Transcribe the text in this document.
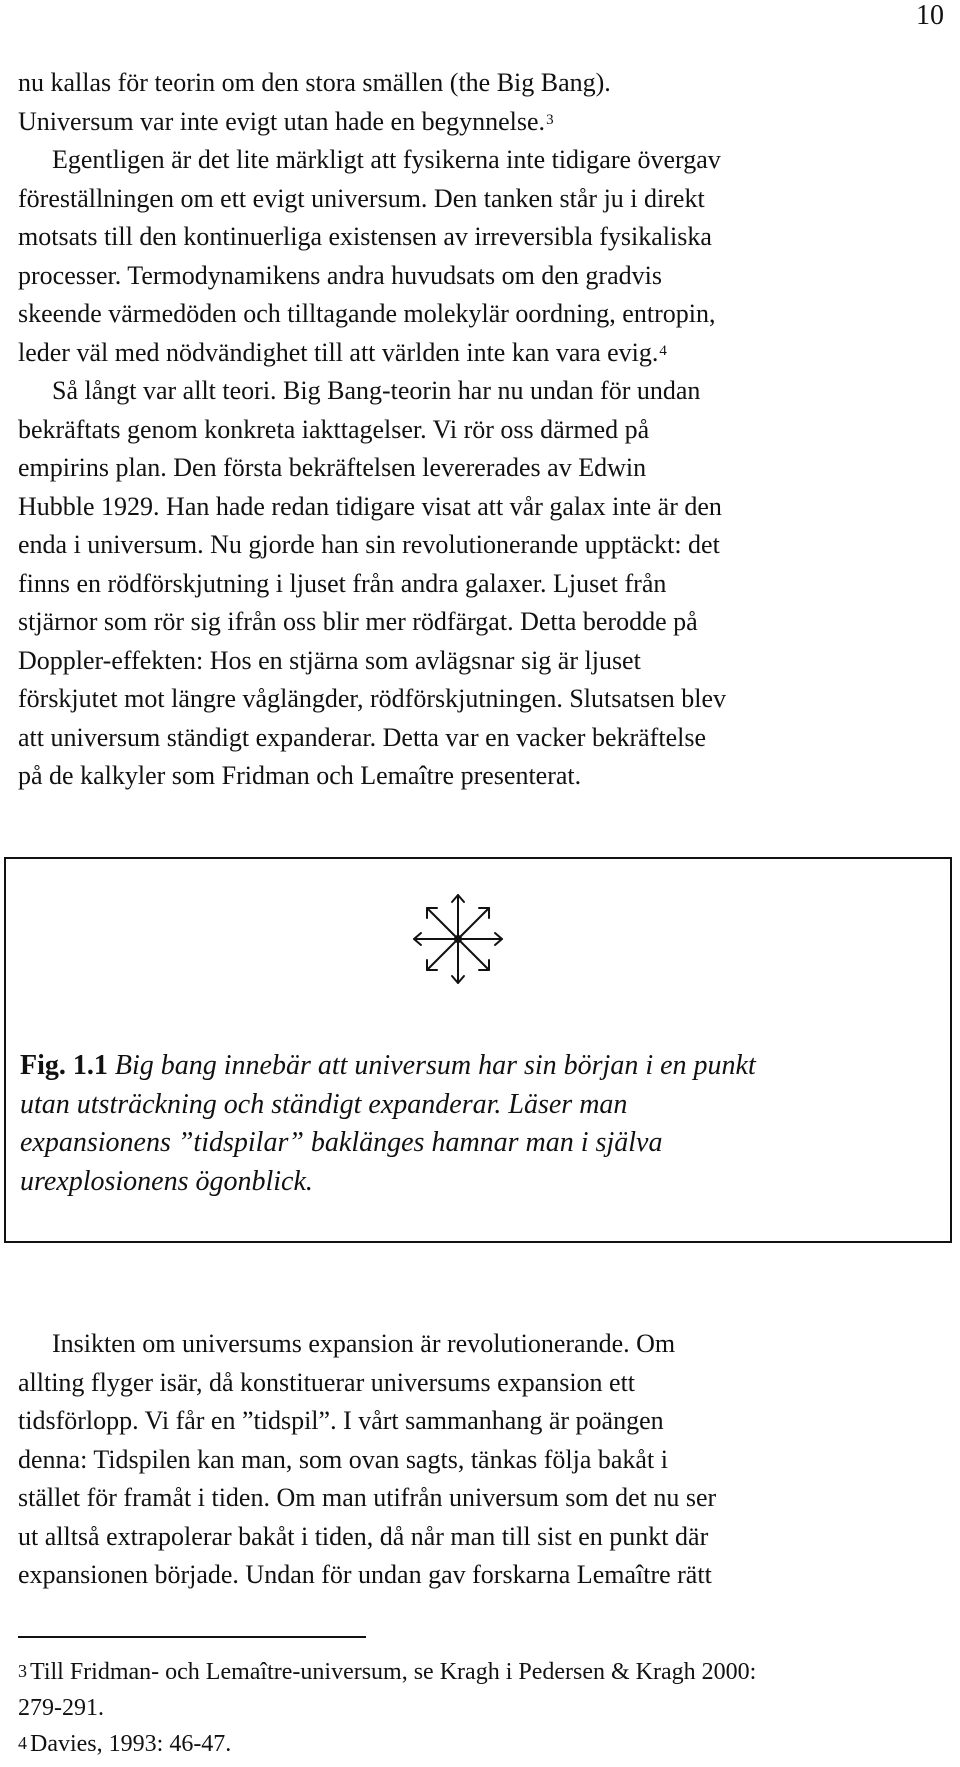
10
nu kallas för teorin om den stora smällen (the Big Bang).
Universum var inte evigt utan hade en begynnelse.$^3$
Egentligen är det lite märkligt att fysikerna inte tidigare övergav
föreställningen om ett evigt universum. Den tanken står ju i direkt
motsats till den kontinuerliga existensen av irreversibla fysikaliska
processer. Termodynamikens andra huvudsats om den gradvis
skeende värmedöden och tilltagande molekylär oordning, entropin,
leder väl med nödvändighet till att världen inte kan vara evig.$^4$
Så långt var allt teori. Big Bang-teorin har nu undan för undan
bekräftats genom konkreta iakttagelser. Vi rör oss därmed på
empirins plan. Den första bekräftelsen levererades av Edwin
Hubble 1929. Han hade redan tidigare visat att vår galax inte är den
enda i universum. Nu gjorde han sin revolutionerande upptäckt: det
finns en rödförskjutning i ljuset från andra galaxer. Ljuset från
stjärnor som rör sig ifrån oss blir mer rödfärgat. Detta berodde på
Doppler-effekten: Hos en stjärna som avlägsnar sig är ljuset
förskjutet mot längre våglängder, rödförskjutningen. Slutsatsen blev
att universum ständigt expanderar. Detta var en vacker bekräftelse
på de kalkyler som Fridman och Lemaître presenterat.
Fig. 1.1 Big bang innebär att universum har sin början i en punkt
utan utsträckning och ständigt expanderar. Läser man
expansionens ”tidspilar” baklänges hamnar man i själva
urexplosionens ögonblick.
Insikten om universums expansion är revolutionerande. Om
allting flyger isär, då konstituerar universums expansion ett
tidsförlopp. Vi får en ”tidspil”. I vårt sammanhang är poängen
denna: Tidspilen kan man, som ovan sagts, tänkas följa bakåt i
stället för framåt i tiden. Om man utifrån universum som det nu ser
ut alltså extrapolerar bakåt i tiden, då når man till sist en punkt där
expansionen började. Undan för undan gav forskarna Lemaître rätt
$^3$ Till Fridman- och Lemaître-universum, se Kragh i Pedersen & Kragh 2000:
279-291.
$^4$ Davies, 1993: 46-47.
